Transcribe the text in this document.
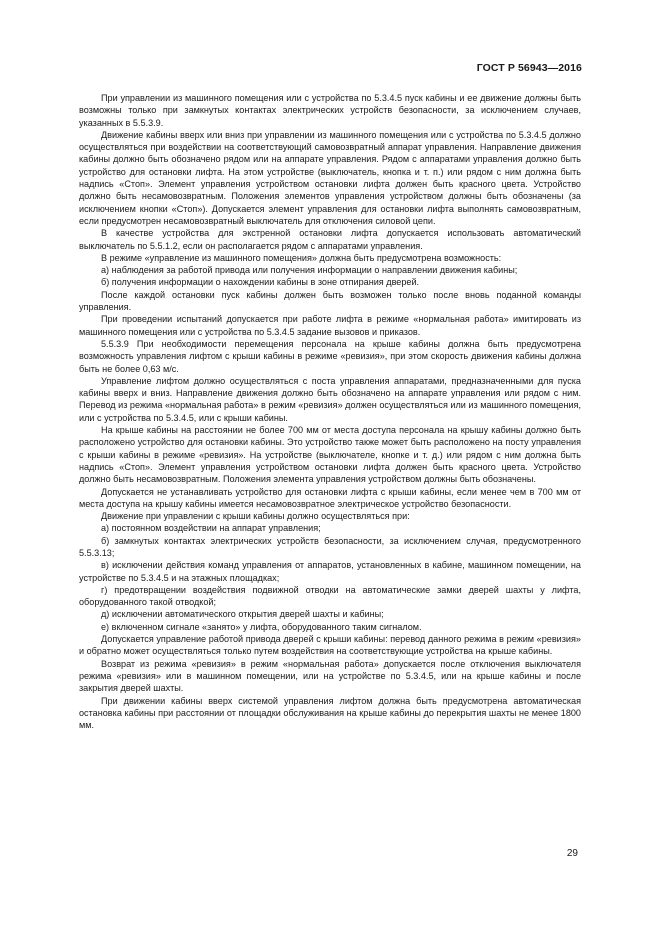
ГОСТ Р 56943—2016

При управлении из машинного помещения или с устройства по 5.3.4.5 пуск кабины и ее движение должны быть возможны только при замкнутых контактах электрических устройств безопасности, за исключением случаев, указанных в 5.5.3.9.

Движение кабины вверх или вниз при управлении из машинного помещения или с устройства по 5.3.4.5 должно осуществляться при воздействии на соответствующий самовозвратный аппарат управления. Направление движения кабины должно быть обозначено рядом или на аппарате управления. Рядом с аппаратами управления должно быть устройство для остановки лифта. На этом устройстве (выключатель, кнопка и т. п.) или рядом с ним должна быть надпись «Стоп». Элемент управления устройством остановки лифта должен быть красного цвета. Устройство должно быть несамовозвратным. Положения элементов управления устройством должны быть обозначены (за исключением кнопки «Стоп»). Допускается элемент управления для остановки лифта выполнять самовозвратным, если предусмотрен несамовозвратный выключатель для отключения силовой цепи.

В качестве устройства для экстренной остановки лифта допускается использовать автоматический выключатель по 5.5.1.2, если он располагается рядом с аппаратами управления.

В режиме «управление из машинного помещения» должна быть предусмотрена возможность:

а) наблюдения за работой привода или получения информации о направлении движения кабины;

б) получения информации о нахождении кабины в зоне отпирания дверей.

После каждой остановки пуск кабины должен быть возможен только после вновь поданной команды управления.

При проведении испытаний допускается при работе лифта в режиме «нормальная работа» имитировать из машинного помещения или с устройства по 5.3.4.5 задание вызовов и приказов.

5.5.3.9 При необходимости перемещения персонала на крыше кабины должна быть предусмотрена возможность управления лифтом с крыши кабины в режиме «ревизия», при этом скорость движения кабины должна быть не более 0,63 м/с.

Управление лифтом должно осуществляться с поста управления аппаратами, предназначенными для пуска кабины вверх и вниз. Направление движения должно быть обозначено на аппарате управления или рядом с ним. Перевод из режима «нормальная работа» в режим «ревизия» должен осуществляться или из машинного помещения, или с устройства по 5.3.4.5, или с крыши кабины.

На крыше кабины на расстоянии не более 700 мм от места доступа персонала на крышу кабины должно быть расположено устройство для остановки кабины. Это устройство также может быть расположено на посту управления с крыши кабины в режиме «ревизия». На устройстве (выключателе, кнопке и т. д.) или рядом с ним должна быть надпись «Стоп». Элемент управления устройством остановки лифта должен быть красного цвета. Устройство должно быть несамовозвратным. Положения элемента управления устройством должны быть обозначены.

Допускается не устанавливать устройство для остановки лифта с крыши кабины, если менее чем в 700 мм от места доступа на крышу кабины имеется несамовозвратное электрическое устройство безопасности.

Движение при управлении с крыши кабины должно осуществляться при:

а) постоянном воздействии на аппарат управления;

б) замкнутых контактах электрических устройств безопасности, за исключением случая, предусмотренного 5.5.3.13;

в) исключении действия команд управления от аппаратов, установленных в кабине, машинном помещении, на устройстве по 5.3.4.5 и на этажных площадках;

г) предотвращении воздействия подвижной отводки на автоматические замки дверей шахты у лифта, оборудованного такой отводкой;

д) исключении автоматического открытия дверей шахты и кабины;

е) включенном сигнале «занято» у лифта, оборудованного таким сигналом.

Допускается управление работой привода дверей с крыши кабины: перевод данного режима в режим «ревизия» и обратно может осуществляться только путем воздействия на соответствующие устройства на крыше кабины.

Возврат из режима «ревизия» в режим «нормальная работа» допускается после отключения выключателя режима «ревизия» или в машинном помещении, или на устройстве по 5.3.4.5, или на крыше кабины и после закрытия дверей шахты.

При движении кабины вверх системой управления лифтом должна быть предусмотрена автоматическая остановка кабины при расстоянии от площадки обслуживания на крыше кабины до перекрытия шахты не менее 1800 мм.

29
